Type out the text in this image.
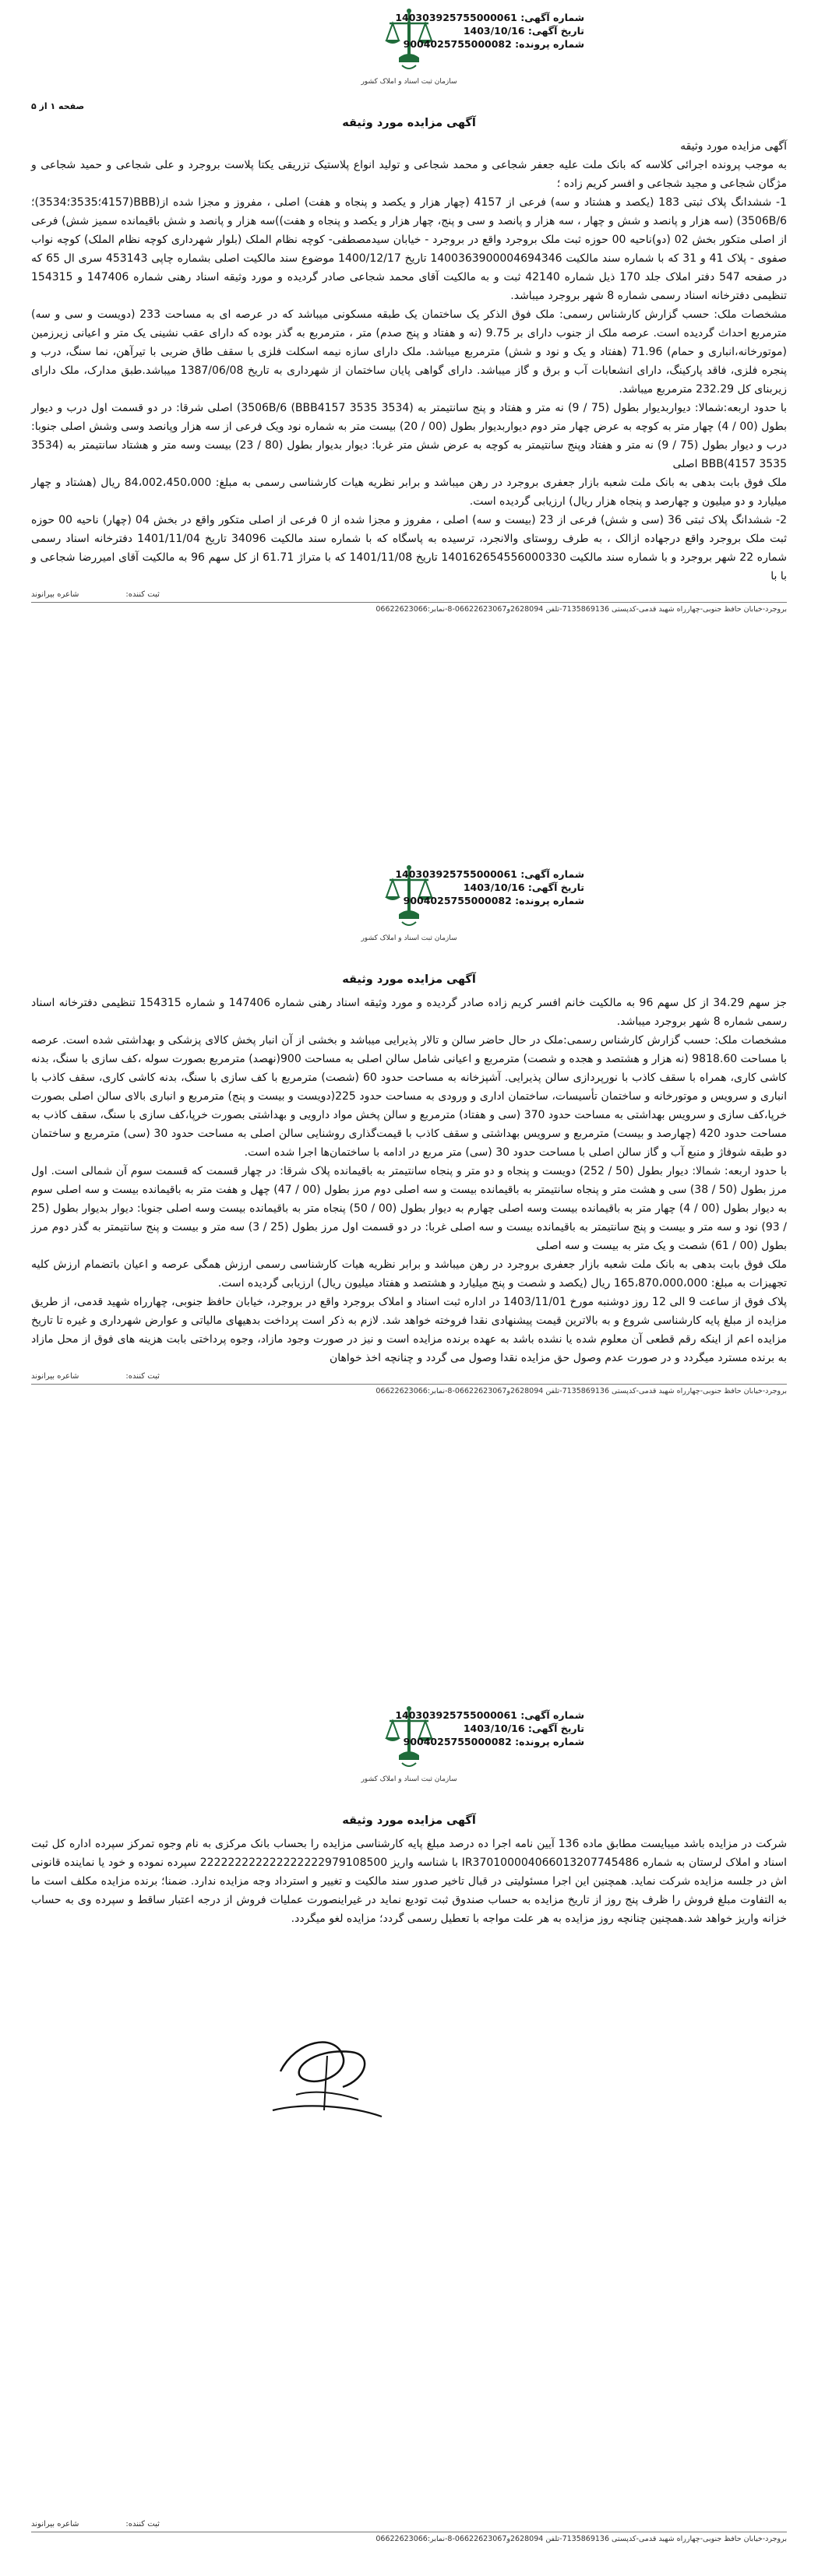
سازمان ثبت اسناد و املاک کشور
شماره آگهی: 140303925755000061
تاریخ آگهی: 1403/10/16
شماره پرونده: 9004025755000082
صفحه ۱ از ۵
آگهی مزایده مورد وثیقه

آگهی مزایده مورد وثیقه

به موجب پرونده اجرائی کلاسه که بانک ملت علیه جعفر شجاعی و محمد شجاعی و تولید انواع پلاستیک تزریقی یکتا پلاست بروجرد و علی شجاعی و حمید شجاعی و مژگان شجاعی و مجید شجاعی و افسر کریم زاده ؛

1- ششدانگ پلاک ثبتی 183 (یکصد و هشتاد و سه) فرعی از 4157 (چهار هزار و یکصد و پنجاه و هفت) اصلی ، مفروز و مجزا شده از(BBB(4157؛3535؛3534)؛3506B/6) (سه هزار و پانصد و شش و چهار ، سه هزار و پانصد و سی و پنج، چهار هزار و یکصد و پنجاه و هفت))سه هزار و پانصد و شش باقیمانده سمیز شش) فرعی از اصلی متکور بخش 02 (دو)ناحیه 00 حوزه ثبت ملک بروجرد واقع در بروجرد - خیابان سیدمصطفی- کوچه نظام الملک (بلوار شهرداری کوچه نظام الملک) کوچه نواب صفوی - پلاک 41 و 31 که با شماره سند مالکیت 1400363900004694346 تاریخ 1400/12/17 موضوع سند مالکیت اصلی بشماره چاپی 453143 سری ال 65 که در صفحه 547 دفتر املاک جلد 170 ذیل شماره 42140 ثبت و به مالکیت آقای محمد شجاعی صادر گردیده و مورد وثیقه اسناد رهنی شماره 147406 و 154315 تنظیمی دفترخانه اسناد رسمی شماره 8 شهر بروجرد میباشد.

مشخصات ملک: حسب گزارش کارشناس رسمی: ملک فوق الذکر یک ساختمان یک طبقه مسکونی میباشد که در عرصه ای به مساحت 233 (دویست و سی و سه) مترمربع احداث گردیده است. عرصه ملک از جنوب دارای بر 9.75 (نه و هفتاد و پنج صدم) متر ، مترمربع به گذر بوده که دارای عقب نشینی یک متر و اعیانی زیرزمین (موتورخانه،انباری و حمام) 71.96 (هفتاد و یک و نود و شش) مترمربع میباشد. ملک دارای سازه نیمه اسکلت فلزی با سقف طاق ضربی با تیرآهن، نما سنگ، درب و پنجره فلزی، فاقد پارکینگ، دارای انشعابات آب و برق و گاز میباشد. دارای گواهی پایان ساختمان از شهرداری به تاریخ 1387/06/08 میباشد.طبق مدارک، ملک دارای زیربنای کل 232.29 مترمربع میباشد.

با حدود اربعه:شمالا: دیواربدیوار بطول (75 / 9) نه متر و هفتاد و پنج سانتیمتر به 3506B/6 (BBB4157 3535 3534)) اصلی شرقا: در دو قسمت اول درب و دیوار بطول (00 / 4) چهار متر به کوچه به عرض چهار متر دوم دیواربدیوار بطول (00 / 20) بیست متر به شماره نود ویک فرعی از سه هزار وپانصد وسی وشش اصلی جنوبا: درب و دیوار بطول (75 / 9) نه متر و هفتاد وپنج سانتیمتر به کوچه به عرض شش متر غربا: دیوار بدیوار بطول (80 / 23) بیست وسه متر و هشتاد سانتیمتر به (3534 3535 BBB(4157 اصلی

ملک فوق بابت بدهی به بانک ملت شعبه بازار جعفری بروجرد در رهن میباشد و برابر نظریه هیات کارشناسی رسمی به مبلغ: 84،002،450،000 ریال (هشتاد و چهار میلیارد و دو میلیون و چهارصد و پنجاه هزار ریال) ارزیابی گردیده است.

2- ششدانگ پلاک ثبتی 36 (سی و شش) فرعی از 23 (بیست و سه) اصلی ، مفروز و مجزا شده از 0 فرعی از اصلی متکور واقع در بخش 04 (چهار) ناحیه 00 حوزه ثبت ملک بروجرد واقع درجهاده ازالک ، به طرف روستای والانجرد، ترسیده به پاسگاه که با شماره سند مالکیت 34096 تاریخ 1401/11/04 دفترخانه اسناد رسمی شماره 22 شهر بروجرد و با شماره سند مالکیت 140162654556000330 تاریخ 1401/11/08 که با متراژ 61.71 از کل سهم 96 به مالکیت آقای امیررضا شجاعی و با با

ثبت کننده:
شاعره بیرانوند
بروجرد-خیابان حافظ جنوبی-چهارراه شهید قدمی-کدپستی 7135869136-تلفن 2628094و06622623067-8-نمابر:06622623066
سازمان ثبت اسناد و املاک کشور
شماره آگهی: 140303925755000061
تاریخ آگهی: 1403/10/16
شماره پرونده: 9004025755000082
آگهی مزایده مورد وثیقه

جز سهم 34.29 از کل سهم 96 به مالکیت خانم افسر کریم زاده صادر گردیده و مورد وثیقه اسناد رهنی شماره 147406 و شماره 154315 تنظیمی دفترخانه اسناد رسمی شماره 8 شهر بروجرد میباشد.

مشخصات ملک: حسب گزارش کارشناس رسمی:ملک در حال حاضر سالن و تالار پذیرایی میباشد و بخشی از آن انبار پخش کالای پزشکی و بهداشتی شده است. عرصه با مساحت 9818.60 (نه هزار و هشتصد و هجده و شصت) مترمربع و اعیانی شامل سالن اصلی به مساحت 900(نهصد) مترمربع بصورت سوله ،کف سازی با سنگ، بدنه کاشی کاری، همراه با سقف کاذب با نورپردازی سالن پذیرایی. آشپزخانه به مساحت حدود 60 (شصت) مترمربع با کف سازی با سنگ، بدنه کاشی کاری، سقف کاذب با انباری و سرویس و موتورخانه و ساختمان تأسیسات، ساختمان اداری و ورودی به مساحت حدود 225(دویست و بیست و پنج) مترمربع و انباری بالای سالن اصلی بصورت خرپا،کف سازی و سرویس بهداشتی به مساحت حدود 370 (سی و هفتاد) مترمربع و سالن پخش مواد دارویی و بهداشتی بصورت خرپا،کف سازی با سنگ، سقف کاذب به مساحت حدود 420 (چهارصد و بیست) مترمربع و سرویس بهداشتی و سقف کاذب با قیمت‌گذاری روشنایی سالن اصلی به مساحت حدود 30 (سی) مترمربع و ساختمان دو طبقه شوفاژ و منبع آب و گاز سالن اصلی با مساحت حدود 30 (سی) متر مربع در ادامه با ساختمان‌ها اجرا شده است.

با حدود اربعه: شمالا: دیوار بطول (50 / 252) دویست و پنجاه و دو متر و پنجاه سانتیمتر به باقیمانده پلاک شرقا: در چهار قسمت که قسمت سوم آن شمالی است. اول مرز بطول (50 / 38) سی و هشت متر و پنجاه سانتیمتر به باقیمانده بیست و سه اصلی دوم مرز بطول (00 / 47) چهل و هفت متر به باقیمانده بیست و سه اصلی سوم به دیوار بطول (00 / 4) چهار متر به باقیمانده بیست وسه اصلی چهارم به دیوار بطول (00 / 50) پنجاه متر به باقیمانده بیست وسه اصلی جنوبا: دیوار بدیوار بطول (25 / 93) نود و سه متر و بیست و پنج سانتیمتر به باقیمانده بیست و سه اصلی غربا: در دو قسمت اول مرز بطول (25 / 3) سه متر و بیست و پنج سانتیمتر به گذر دوم مرز بطول (00 / 61) شصت و یک متر به بیست و سه اصلی

ملک فوق بابت بدهی به بانک ملت شعبه بازار جعفری بروجرد در رهن میباشد و برابر نظریه هیات کارشناسی رسمی ارزش همگی عرصه و اعیان باتضمام ارزش کلیه تجهیزات به مبلغ: 165،870،000،000 ریال (یکصد و شصت و پنج میلیارد و هشتصد و هفتاد میلیون ریال) ارزیابی گردیده است.

پلاک فوق از ساعت 9 الی 12 روز دوشنبه مورخ 1403/11/01 در اداره ثبت اسناد و املاک بروجرد واقع در بروجرد، خیابان حافظ جنوبی، چهارراه شهید قدمی، از طریق مزایده از مبلغ پایه کارشناسی شروع و به بالاترین قیمت پیشنهادی نقدا فروخته خواهد شد. لازم به ذکر است پرداخت بدهیهای مالیاتی و عوارض شهرداری و غیره تا تاریخ مزایده اعم از اینکه رقم قطعی آن معلوم شده یا نشده باشد به عهده برنده مزایده است و نیز در صورت وجود مازاد، وجوه پرداختی بابت هزینه های فوق از محل مازاد به برنده مسترد میگردد و در صورت عدم وصول حق مزایده نقدا وصول می گردد و چنانچه اخذ خواهان

ثبت کننده:
شاعره بیرانوند
بروجرد-خیابان حافظ جنوبی-چهارراه شهید قدمی-کدپستی 7135869136-تلفن 2628094و06622623067-8-نمابر:06622623066
سازمان ثبت اسناد و املاک کشور
شماره آگهی: 140303925755000061
تاریخ آگهی: 1403/10/16
شماره پرونده: 9004025755000082
آگهی مزایده مورد وثیقه

شرکت در مزایده باشد میبایست مطابق ماده 136 آیین نامه اجرا ده درصد مبلغ پایه کارشناسی مزایده را بحساب بانک مرکزی به نام وجوه تمرکز سپرده اداره کل ثبت اسناد و املاک لرستان به شماره IR370100004066013207745486 با شناسه واریز 222222222222222222979108500 سپرده نموده و خود یا نماینده قانونی اش در جلسه مزایده شرکت نماید. همچنین این اجرا مسئولیتی در قبال تاخیر صدور سند مالکیت و تغییر و استرداد وجه مزایده ندارد. ضمنا؛ برنده مزایده مکلف است ما به التفاوت مبلغ فروش را ظرف پنج روز از تاریخ مزایده به حساب صندوق ثبت تودیع نماید در غیراینصورت عملیات فروش از درجه اعتبار ساقط و سپرده وی به حساب خزانه واریز خواهد شد.همچنین چنانچه روز مزایده به هر علت مواجه با تعطیل رسمی گردد؛ مزایده لغو میگردد.

ثبت کننده:
شاعره بیرانوند
بروجرد-خیابان حافظ جنوبی-چهارراه شهید قدمی-کدپستی 7135869136-تلفن 2628094و06622623067-8-نمابر:06622623066
